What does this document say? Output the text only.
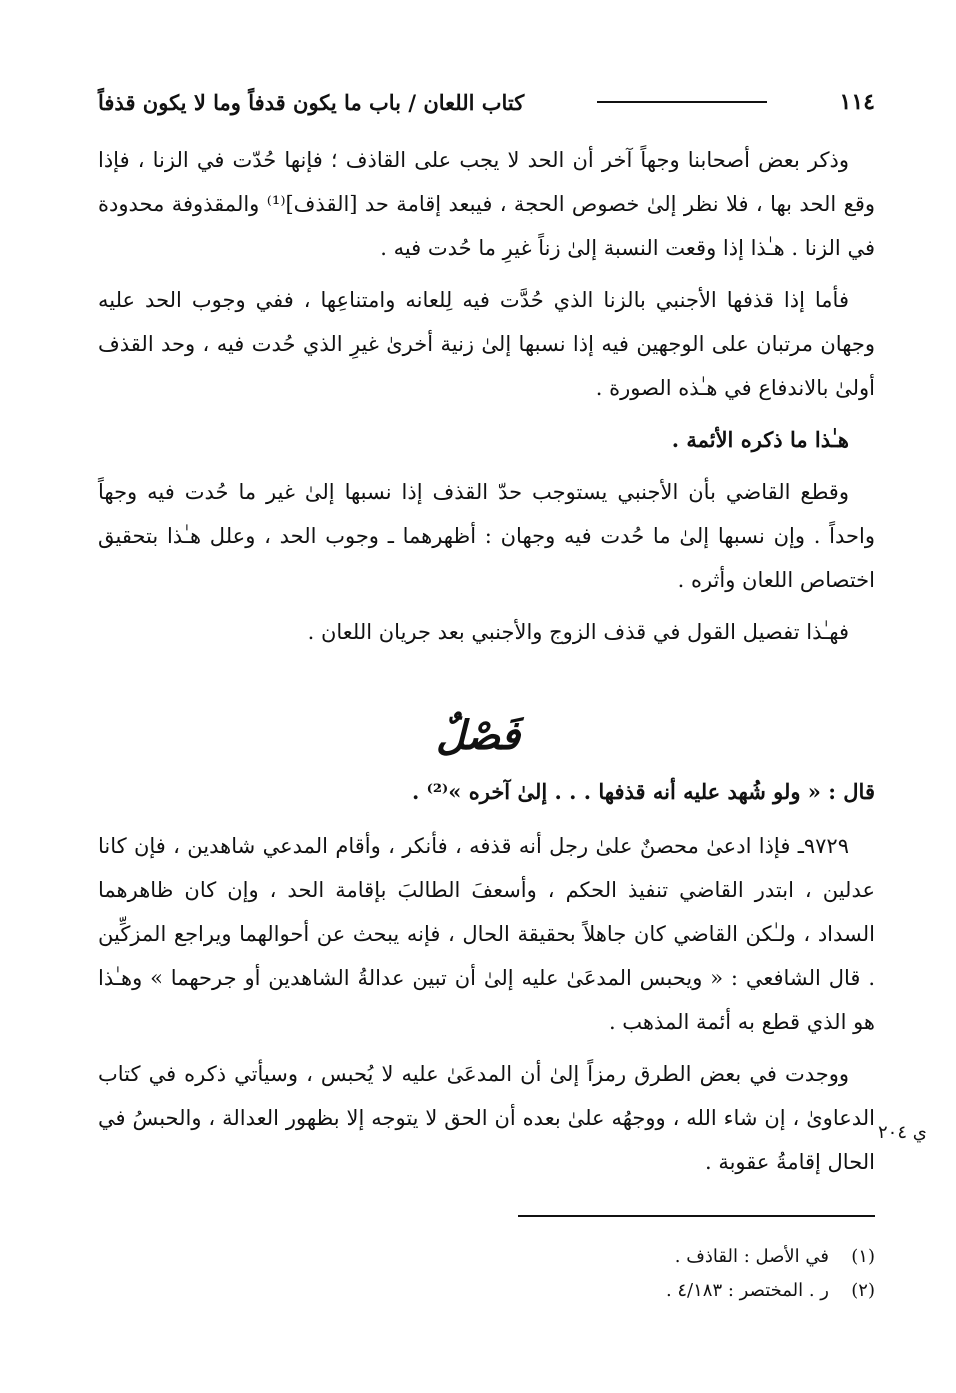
١١٤
كتاب اللعان / باب ما يكون قدفاً وما لا يكون قذفاً

وذكر بعض أصحابنا وجهاً آخر أن الحد لا يجب على القاذف ؛ فإنها حُدّت في الزنا ، فإذا وقع الحد بها ، فلا نظر إلىٰ خصوص الحجة ، فيبعد إقامة حد [القذف]⁽¹⁾ والمقذوفة محدودة في الزنا . هـٰذا إذا وقعت النسبة إلىٰ زناً غيرِ ما حُدت فيه .

فأما إذا قذفها الأجنبي بالزنا الذي حُدَّت فيه لِلعانه وامتناعِها ، ففي وجوب الحد عليه وجهان مرتبان على الوجهين فيه إذا نسبها إلىٰ زنية أخرىٰ غيرِ الذي حُدت فيه ، وحد القذف أولىٰ بالاندفاع في هـٰذه الصورة .

هـٰذا ما ذكره الأئمة .

وقطع القاضي بأن الأجنبي يستوجب حدّ القذف إذا نسبها إلىٰ غير ما حُدت فيه وجهاً واحداً . وإن نسبها إلىٰ ما حُدت فيه وجهان : أظهرهما ـ وجوب الحد ، وعلل هـٰذا بتحقيق اختصاص اللعان وأثره .

فهـٰذا تفصيل القول في قذف الزوج والأجنبي بعد جريان اللعان .

فَصْلٌ

قال : « ولو شُهد عليه أنه قذفها . . . إلىٰ آخره »⁽²⁾ .

٩٧٢٩ـ فإذا ادعىٰ محصنٌ علىٰ رجل أنه قذفه ، فأنكر ، وأقام المدعي شاهدين ، فإن كانا عدلين ، ابتدر القاضي تنفيذ الحكم ، وأسعفَ الطالبَ بإقامة الحد ، وإن كان ظاهرهما السداد ، ولـٰكن القاضي كان جاهلاً بحقيقة الحال ، فإنه يبحث عن أحوالهما ويراجع المزكِّين . قال الشافعي : « ويحبس المدعَىٰ عليه إلىٰ أن تبين عدالةُ الشاهدين أو جرحهما » وهـٰذا هو الذي قطع به أئمة المذهب .

ووجدت في بعض الطرق رمزاً إلىٰ أن المدعَىٰ عليه لا يُحبس ، وسيأتي ذكره في كتاب الدعاوىٰ ، إن شاء الله ، ووجهُه علىٰ بعده أن الحق لا يتوجه إلا بظهور العدالة ، والحبسُ في الحال إقامةُ عقوبة .

ي ٢٠٤
(١)
في الأصل : القاذف .
(٢)
ر . المختصر : ٤/١٨٣ .
